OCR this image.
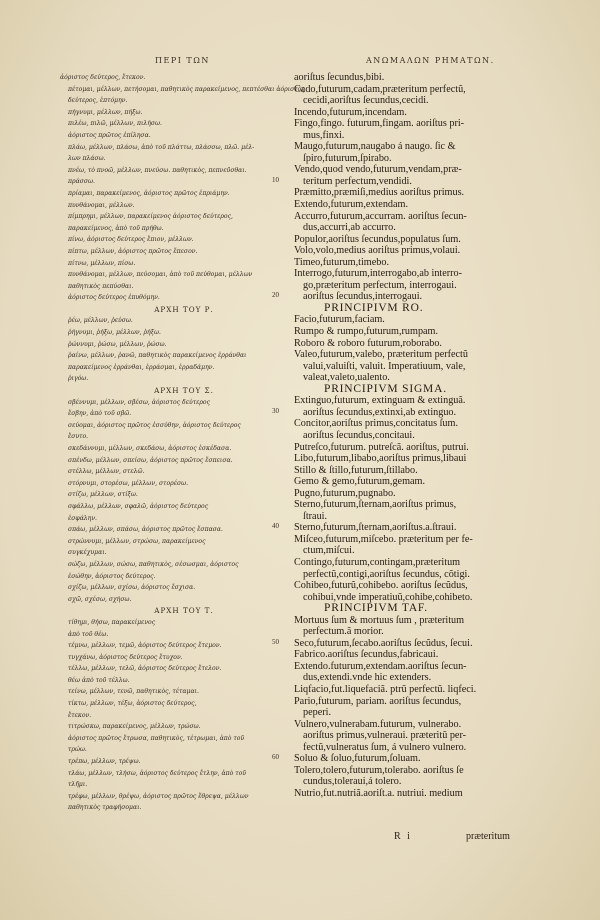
ΠΕΡΙ ΤΩΝ	ΑΝΩΜΑΛΩΝ ΡΗΜΑΤΩΝ.
ἀόριστος δεύτερος, ἔτεκον.
πέτομαι, μέλλων, πετήσομαι, παθητικὸς παρακείμενος, πεπτέσθαι ἀόριστος
δεύτερος, ἐπτόμην.
πήγνυμι, μέλλων, πήξω.
πιλέω, πιλῶ, μέλλων, πιλήσω.
ἀόριστος πρῶτος ἐπίλησα.
πλάω, μέλλων, πλάσω, ἀπὸ τοῦ πλάττω, πλάσσω, πλῶ. μέλ-
λων πλάσω.
πνέω, τὸ πνοῶ, μέλλων, πνεύσω. παθητικὸς, πεπνεῦσθαι.
πράσσω.
πρίαμαι, παρακείμενος, ἀόριστος πρῶτος ἐπριάμην.
πυνθάνομαι, μέλλων.
πίμπρημι, μέλλων, παρακείμενος ἀόριστος δεύτερος,
παρακείμενος, ἀπὸ τοῦ πρήθω.
πίνω, ἀόριστος δεύτερος ἔπιον, μέλλων.
πίπτω, μέλλων, ἀόριστος πρῶτος ἔπεσον.
πίτνω, μέλλων, πίσω.
πυνθάνομαι, μέλλων, πεύσομαι, ἀπὸ τοῦ πεύθομαι, μέλλων
παθητικὸς πεπύσθαι.
ἀόριστος δεύτερος ἐπυθόμην.
ΑΡΧΗ ΤΟΥ Ρ.
ῥέω, μέλλων, ῥεύσω.
ῥήγνυμι, ῥήξω, μέλλων, ῥήξω.
ῥώννυμι, ῥώσω, μέλλων, ῥώσω.
ῥαίνω, μέλλων, ῥανῶ, παθητικὸς παρακείμενος ἐρράνθαι
παρακείμενος ἐρράνθαι, ἐρράσμαι, ἐρραδάμην.
ῥιγόω.
ΑΡΧΗ ΤΟΥ Σ.
σβέννυμι, μέλλων, σβέσω, ἀόριστος δεύτερος
ἔσβην, ἀπὸ τοῦ σβῶ.
σεύομαι, ἀόριστος πρῶτος ἐσσύθην, ἀόριστος δεύτερος
ἔσυτο.
σκεδάννυμι, μέλλων, σκεδάσω, ἀόριστος ἐσκέδασα.
σπένδω, μέλλων, σπείσω, ἀόριστος πρῶτος ἔσπεισα.
στέλλω, μέλλων, στελῶ.
στόρνυμι, στορέσω, μέλλων, στορέσω.
στίζω, μέλλων, στίξω.
σφάλλω, μέλλων, σφαλῶ, ἀόριστος δεύτερος
ἐσφάλην.
σπάω, μέλλων, σπάσω, ἀόριστος πρῶτος ἔσπασα.
στρώννυμι, μέλλων, στρώσω, παρακείμενος
συγκέχυμαι.
σώζω, μέλλων, σώσω, παθητικὸς, σέσωσμαι, ἀόριστος
ἐσώθην, ἀόριστος δεύτερος.
σχίζω, μέλλων, σχίσω, ἀόριστος ἔσχισα.
σχῶ, σχέσω, σχήσω.
ΑΡΧΗ ΤΟΥ Τ.
τίθημι, θήσω, παρακείμενος
ἀπὸ τοῦ θέω.
τέμνω, μέλλων, τεμῶ, ἀόριστος δεύτερος ἔτεμον.
τυγχάνω, ἀόριστος δεύτερος ἔτυχον.
τέλλω, μέλλων, τελῶ, ἀόριστος δεύτερος ἔτελον.
θέω ἀπὸ τοῦ τέλλω.
τείνω, μέλλων, τενῶ, παθητικὸς, τέταμαι.
τίκτω, μέλλων, τέξω, ἀόριστος δεύτερος,
ἔτεκον.
τιτρώσκω, παρακείμενος, μέλλων, τρώσω.
ἀόριστος πρῶτος ἔτρωσα, παθητικὸς, τέτρωμαι, ἀπὸ τοῦ
τρώω.
τρέπω, μέλλων, τρέψω.
τλάω, μέλλων, τλήσω, ἀόριστος δεύτερος ἔτλην, ἀπὸ τοῦ
τλῆμι.
τρέφω, μέλλων, θρέψω, ἀόριστος πρῶτος ἔθρεψα, μέλλων
παθητικὸς τραφήσομαι.
10
20
30
40
50
60
aoriſtus ſecundus,bibi.
Cado,futurum,cadam,præteritum perfectũ,
cecidi,aoriſtus ſecundus,cecidi.
Incendo,futurum,incendam.
Fingo,fingo. futurum,fingam. aoriſtus pri-
mus,finxi.
Maugo,futurum,naugabo á naugo. ſic &
ſpiro,futurum,ſpirabo.
Vendo,quod vendo,futurum,vendam,præ-
teritum perfectum,vendidi.
Præmitto,præmiſi,medius aoriſtus primus.
Extendo,futurum,extendam.
Accurro,futurum,accurram. aoriſtus ſecun-
dus,accurri,ab accurro.
Populor,aoriſtus ſecundus,populatus ſum.
Volo,volo,medius aoriſtus primus,volaui.
Timeo,futurum,timebo.
Interrogo,futurum,interrogabo,ab interro-
go,præteritum perfectum, interrogaui.
aoriſtus ſecundus,interrogaui.
PRINCIPIVM RO.
Facio,futurum,faciam.
Rumpo & rumpo,futurum,rumpam.
Roboro & roboro futurum,roborabo.
Valeo,futurum,valebo, præteritum perfectũ
valui,valuiſti, valuit. Imperatiuum, vale,
valeat,valeto,ualento.
PRINCIPIVM SIGMA.
Extinguo,futurum, extinguam & extinguã.
aoriſtus ſecundus,extinxi,ab extinguo.
Concitor,aoriſtus primus,concitatus ſum.
aoriſtus ſecundus,concitaui.
Putreſco,futurum. putreſcã. aoriſtus, putrui.
Libo,futurum,libabo,aoriſtus primus,libaui
Stillo & ſtillo,futurum,ſtillabo.
Gemo & gemo,futurum,gemam.
Pugno,futurum,pugnabo.
Sterno,futurum,ſternam,aoriſtus primus,
ſtraui.
Sterno,futurum,ſternam,aoriſtus.a.ſtraui.
Miſceo,futurum,miſcebo. præteritum per fe-
ctum,miſcui.
Contingo,futurum,contingam,præteritum
perfectũ,contigi,aoriſtus ſecundus, cõtigi.
Cohibeo,futurũ,cohibebo. aoriſtus ſecũdus,
cohibui,vnde imperatiuũ,cohibe,cohibeto.
PRINCIPIVM TAF.
Mortuus ſum & mortuus ſum , præteritum
perfectum.ã morior.
Seco,futurum,ſecabo.aoriſtus ſecũdus, ſecui.
Fabrico.aoriſtus ſecundus,fabricaui.
Extendo.futurum,extendam.aoriſtus ſecun-
dus,extendi.vnde hic extenders.
Liqfacio,fut.liquefaciã. ptrũ perfectũ. liqfeci.
Pario,futurum, pariam. aoriſtus ſecundus,
peperi.
Vulnero,vulnerabam.futurum, vulnerabo.
aoriſtus primus,vulneraui. præteritũ per-
fectũ,vulneratus ſum, á vulnero vulnero.
Soluo & ſoluo,futurum,ſoluam.
Tolero,tolero,futurum,tolerabo. aoriſtus ſe
cundus,toleraui,á tolero.
Nutrio,fut.nutriã.aoriſt.a. nutriui. medium
R i	præteritum
